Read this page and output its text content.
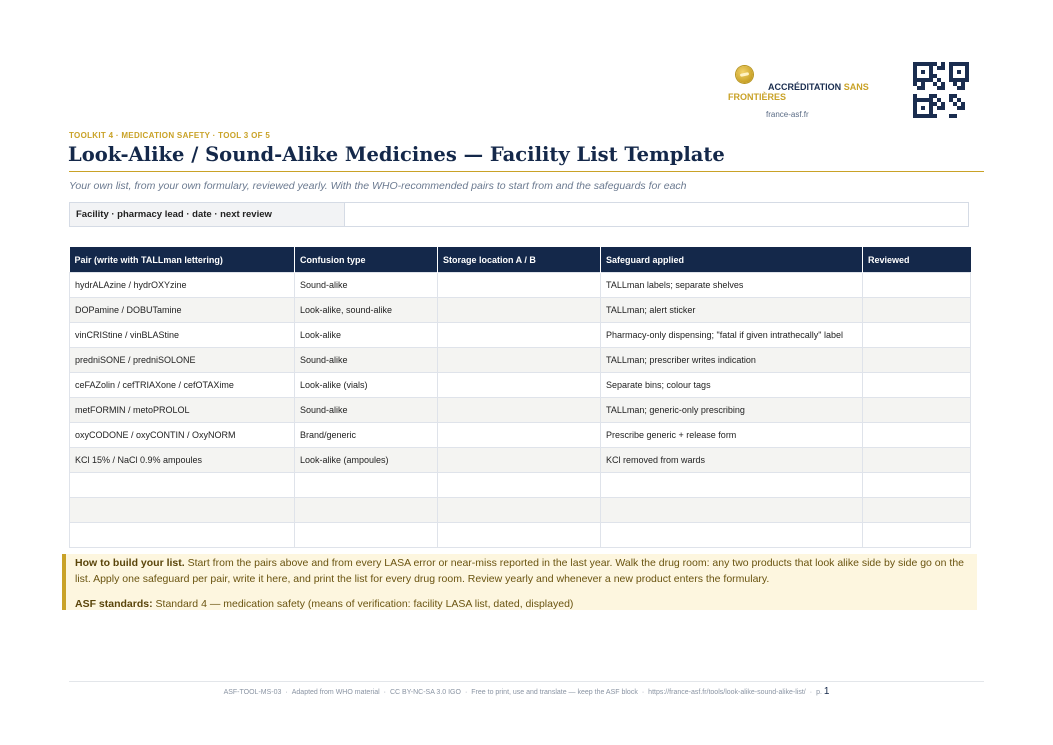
ACCRÉDITATION SANS FRONTIÈRES
france-asf.fr
TOOLKIT 4 · MEDICATION SAFETY · TOOL 3 OF 5
Look-Alike / Sound-Alike Medicines — Facility List Template
Your own list, from your own formulary, reviewed yearly. With the WHO-recommended pairs to start from and the safeguards for each
Facility · pharmacy lead · date · next review
Pair (write with TALLman lettering)	Confusion type	Storage location A / B	Safeguard applied	Reviewed
hydrALAzine / hydrOXYzine	Sound-alike		TALLman labels; separate shelves	
DOPamine / DOBUTamine	Look-alike, sound-alike		TALLman; alert sticker	
vinCRIStine / vinBLAStine	Look-alike		Pharmacy-only dispensing; "fatal if given intrathecally" label	
predniSONE / predniSOLONE	Sound-alike		TALLman; prescriber writes indication	
ceFAZolin / cefTRIAXone / cefOTAXime	Look-alike (vials)		Separate bins; colour tags	
metFORMIN / metoPROLOL	Sound-alike		TALLman; generic-only prescribing	
oxyCODONE / oxyCONTIN / OxyNORM	Brand/generic		Prescribe generic + release form	
KCl 15% / NaCl 0.9% ampoules	Look-alike (ampoules)		KCl removed from wards	

How to build your list. Start from the pairs above and from every LASA error or near-miss reported in the last year. Walk the drug room: any two products that look alike side by side go on the list. Apply one safeguard per pair, write it here, and print the list for every drug room. Review yearly and whenever a new product enters the formulary.

ASF standards: Standard 4 — medication safety (means of verification: facility LASA list, dated, displayed)

ASF-TOOL-MS-03 · Adapted from WHO material · CC BY-NC-SA 3.0 IGO · Free to print, use and translate — keep the ASF block · https://france-asf.fr/tools/look-alike-sound-alike-list/ · p. 1
